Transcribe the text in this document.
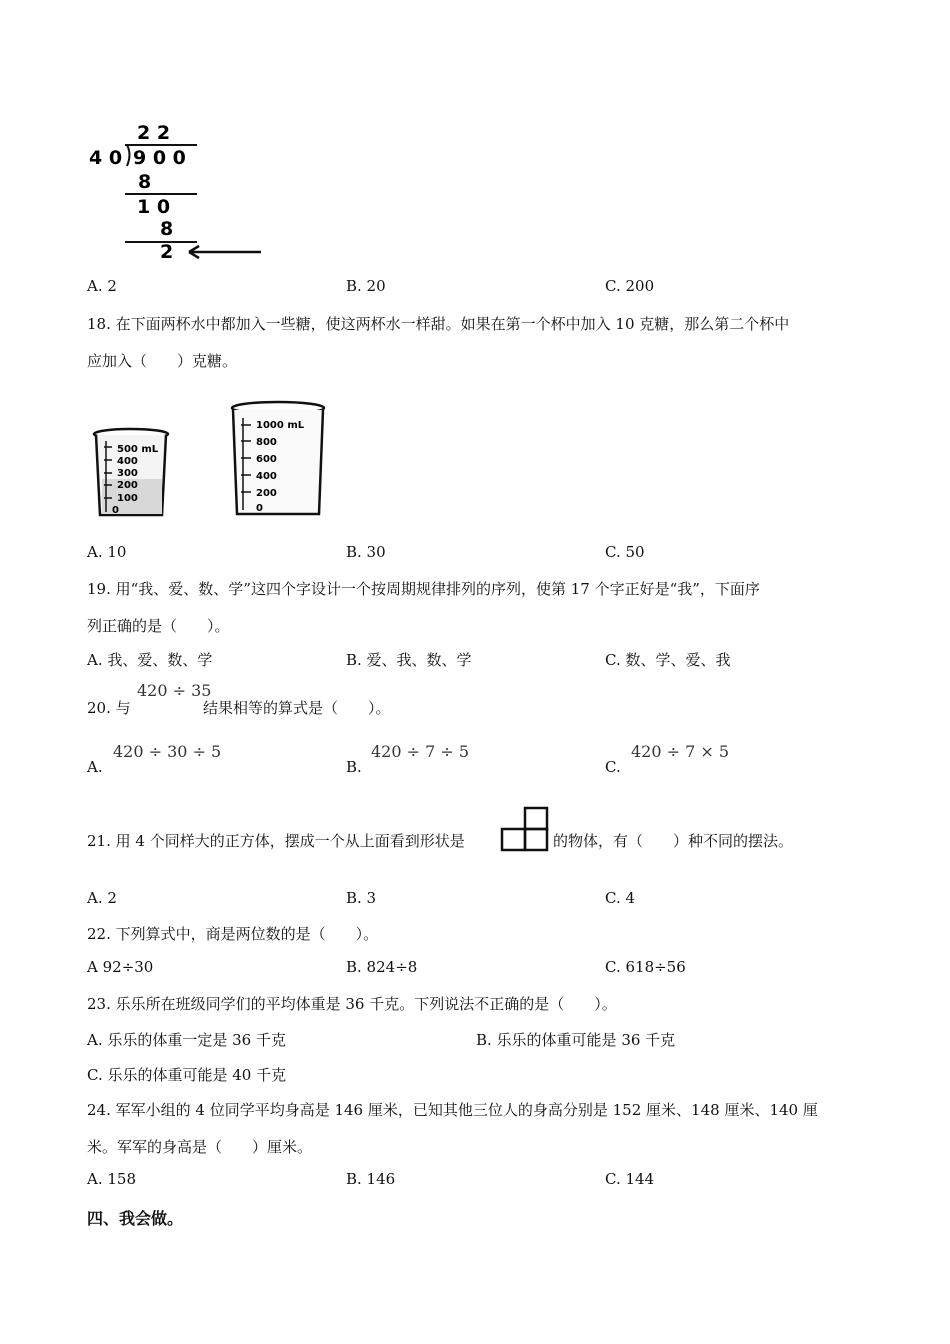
2 2
4 0 9 0 0
8
1 0
8
2
A. 2	B. 20	C. 200
18. 在下面两杯水中都加入一些糖，使这两杯水一样甜。如果在第一个杯中加入 10 克糖，那么第二个杯中
应加入（　　）克糖。
500 mL
400
300
200
100
0
1000 mL
800
600
400
200
0
A. 10	B. 30	C. 50
19. 用“我、爱、数、学”这四个字设计一个按周期规律排列的序列，使第 17 个字正好是“我”，下面序
列正确的是（　　）。
A. 我、爱、数、学	B. 爱、我、数、学	C. 数、学、爱、我
20. 与
420 ÷ 35
结果相等的算式是（　　）。
A.
420 ÷ 30 ÷ 5
B.
420 ÷ 7 ÷ 5
C.
420 ÷ 7 × 5
21. 用 4 个同样大的正方体，摆成一个从上面看到形状是	的物体，有（　　）种不同的摆法。
A. 2	B. 3	C. 4
22. 下列算式中，商是两位数的是（　　）。
A 92÷30	B. 824÷8	C. 618÷56
23. 乐乐所在班级同学们的平均体重是 36 千克。下列说法不正确的是（　　）。
A. 乐乐的体重一定是 36 千克	B. 乐乐的体重可能是 36 千克
C. 乐乐的体重可能是 40 千克
24. 军军小组的 4 位同学平均身高是 146 厘米，已知其他三位人的身高分别是 152 厘米、148 厘米、140 厘
米。军军的身高是（　　）厘米。
A. 158	B. 146	C. 144
四、我会做。
